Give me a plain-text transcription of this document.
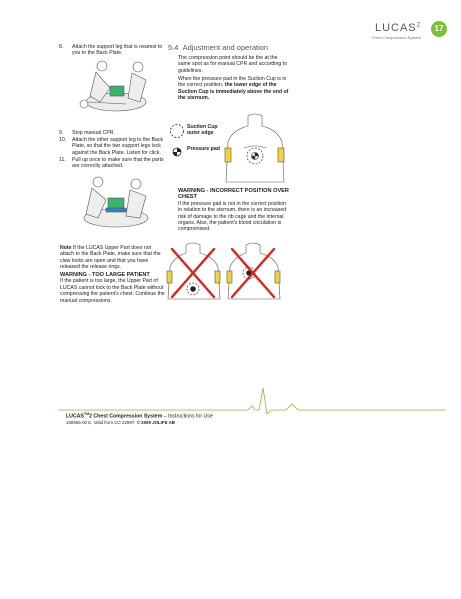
LUCAS$^2$
Chest Compression System
17
8.	Attach the support leg that is nearest to you to the Back Plate.
9.	Stop manual CPR.
10.	Attach the other support leg to the Back Plate, so that the two support legs lock against the Back Plate. Listen for click.
11.	Pull up once to make sure that the parts are correctly attached.
Note If the LUCAS Upper Part does not attach to the Back Plate, make sure that the claw locks are open and that you have released the release rings.
WARNING - TOO LARGE PATIENT
If the patient is too large, the Upper Part of LUCAS cannot lock to the Back Plate without compressing the patient's chest. Continue the manual compressions.
5.4 Adjustment and operation
The compression point should be the at the same spot as for manual CPR and according to guidelines.
When the pressure pad in the Suction Cup is in the correct position, the lower edge of the Suction Cup is immediately above the end of the sternum.
Suction Cup outer edge
Pressure pad
WARNING - INCORRECT POSITION OVER CHEST
If the pressure pad is not in the correct position in relation to the sternum, there is an increased risk of damage to the rib cage and the internal organs. Also, the patient's blood circulation is compromised.
LUCAS™2 Chest Compression System – Instructions for Use
100666-00 E, Valid from CO 22997. © 2009 JOLIFE AB
